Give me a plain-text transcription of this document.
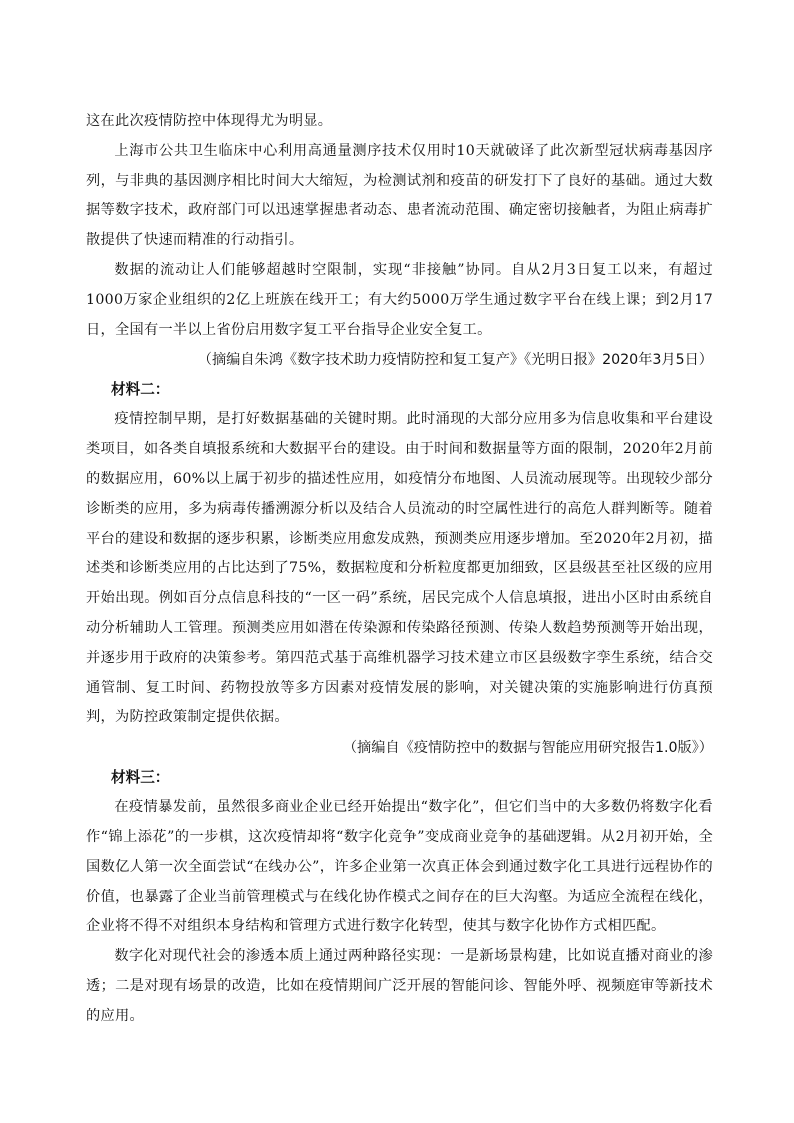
这在此次疫情防控中体现得尤为明显。

上海市公共卫生临床中心利用高通量测序技术仅用时10天就破译了此次新型冠状病毒基因序列，与非典的基因测序相比时间大大缩短，为检测试剂和疫苗的研发打下了良好的基础。通过大数据等数字技术，政府部门可以迅速掌握患者动态、患者流动范围、确定密切接触者，为阻止病毒扩散提供了快速而精准的行动指引。

数据的流动让人们能够超越时空限制，实现“非接触”协同。自从2月3日复工以来，有超过1000万家企业组织的2亿上班族在线开工；有大约5000万学生通过数字平台在线上课；到2月17日，全国有一半以上省份启用数字复工平台指导企业安全复工。

（摘编自朱鸿《数字技术助力疫情防控和复工复产》《光明日报》2020年3月5日）

材料二：

疫情控制早期，是打好数据基础的关键时期。此时涌现的大部分应用多为信息收集和平台建设类项目，如各类自填报系统和大数据平台的建设。由于时间和数据量等方面的限制，2020年2月前的数据应用，60%以上属于初步的描述性应用，如疫情分布地图、人员流动展现等。出现较少部分诊断类的应用，多为病毒传播溯源分析以及结合人员流动的时空属性进行的高危人群判断等。随着平台的建设和数据的逐步积累，诊断类应用愈发成熟，预测类应用逐步增加。至2020年2月初，描述类和诊断类应用的占比达到了75%，数据粒度和分析粒度都更加细致，区县级甚至社区级的应用开始出现。例如百分点信息科技的“一区一码”系统，居民完成个人信息填报，进出小区时由系统自动分析辅助人工管理。预测类应用如潜在传染源和传染路径预测、传染人数趋势预测等开始出现，并逐步用于政府的决策参考。第四范式基于高维机器学习技术建立市区县级数字孪生系统，结合交通管制、复工时间、药物投放等多方因素对疫情发展的影响，对关键决策的实施影响进行仿真预判，为防控政策制定提供依据。

（摘编自《疫情防控中的数据与智能应用研究报告1.0版》）

材料三：

在疫情暴发前，虽然很多商业企业已经开始提出“数字化”，但它们当中的大多数仍将数字化看作“锦上添花”的一步棋，这次疫情却将“数字化竞争”变成商业竞争的基础逻辑。从2月初开始，全国数亿人第一次全面尝试“在线办公”，许多企业第一次真正体会到通过数字化工具进行远程协作的价值，也暴露了企业当前管理模式与在线化协作模式之间存在的巨大沟壑。为适应全流程在线化，企业将不得不对组织本身结构和管理方式进行数字化转型，使其与数字化协作方式相匹配。

数字化对现代社会的渗透本质上通过两种路径实现：一是新场景构建，比如说直播对商业的渗透；二是对现有场景的改造，比如在疫情期间广泛开展的智能问诊、智能外呼、视频庭审等新技术的应用。
